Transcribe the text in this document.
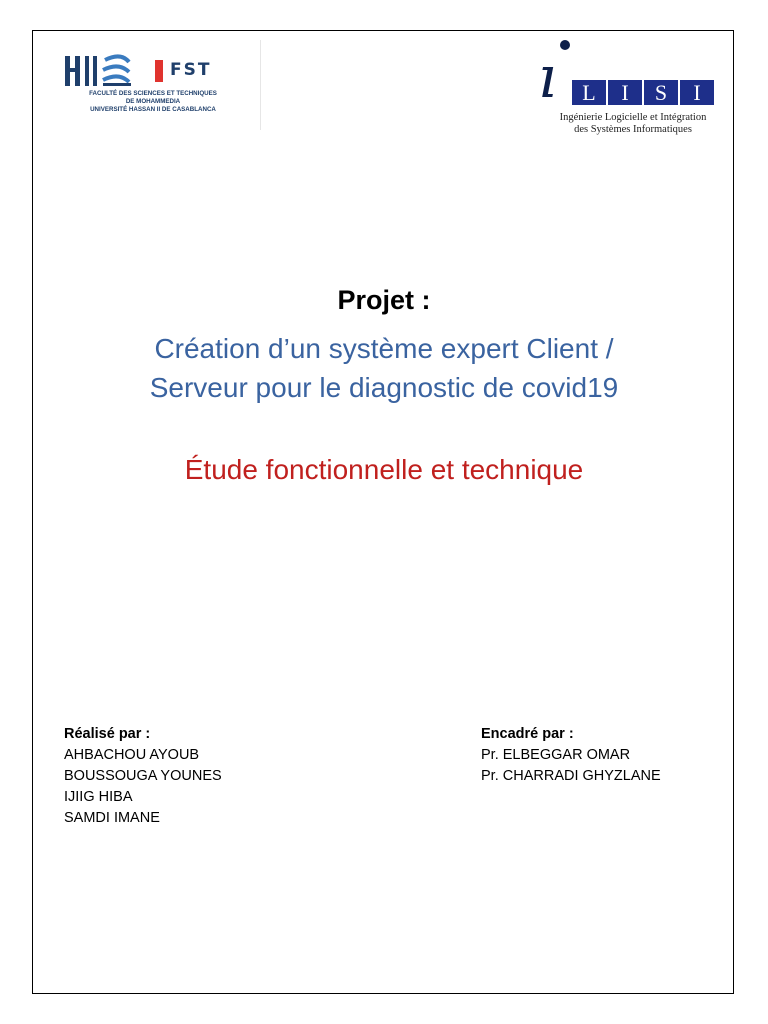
FST
FACULTÉ DES SCIENCES ET TECHNIQUES
DE MOHAMMEDIA
UNIVERSITÉ HASSAN II DE CASABLANCA	ı	L	I	S	I
Ingénierie Logicielle et Intégration
des Systèmes Informatiques
Projet :
Création d’un système expert Client /
Serveur pour le diagnostic de covid19
Étude fonctionnelle et technique
Réalisé par :
AHBACHOU AYOUB
BOUSSOUGA YOUNES
IJIIG HIBA
SAMDI IMANE
Encadré par :
Pr. ELBEGGAR OMAR
Pr. CHARRADI GHYZLANE
